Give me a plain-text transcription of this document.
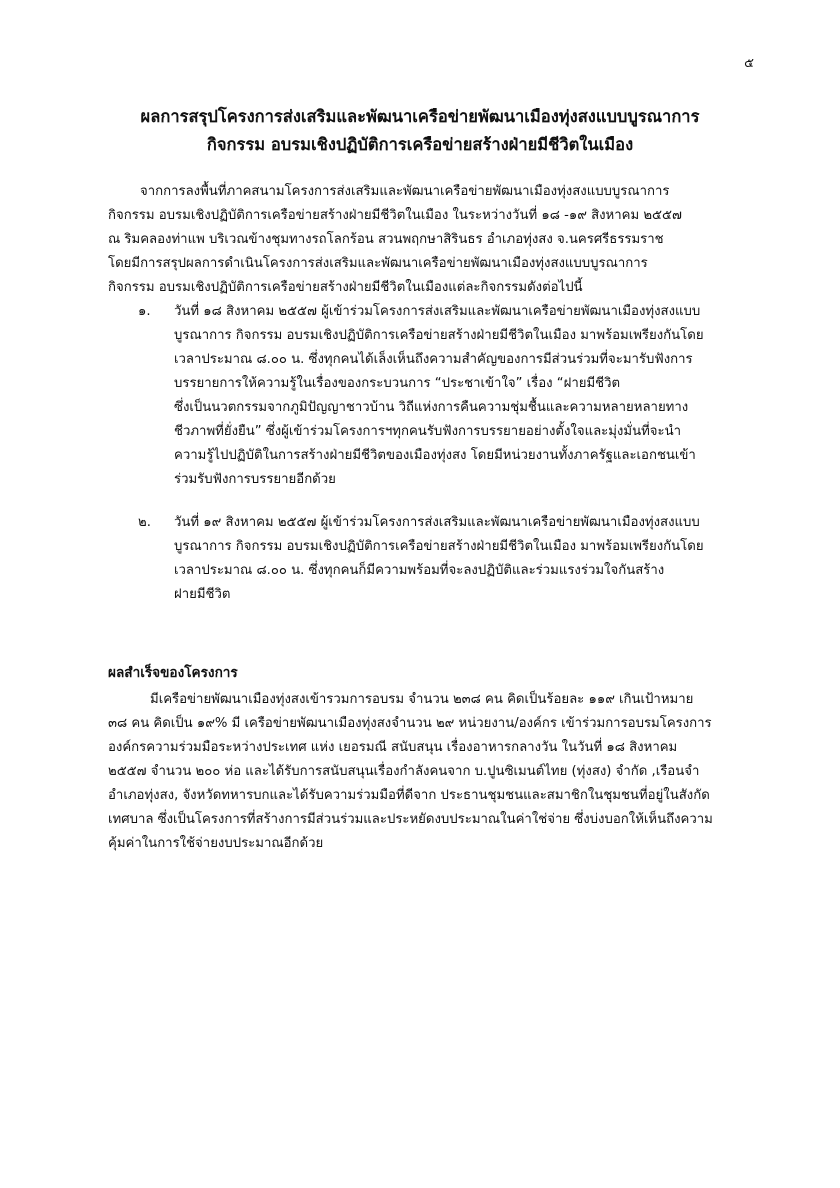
๕
ผลการสรุปโครงการส่งเสริมและพัฒนาเครือข่ายพัฒนาเมืองทุ่งสงแบบบูรณาการ
กิจกรรม อบรมเชิงปฏิบัติการเครือข่ายสร้างฝ่ายมีชีวิตในเมือง
จากการลงพื้นที่ภาคสนามโครงการส่งเสริมและพัฒนาเครือข่ายพัฒนาเมืองทุ่งสงแบบบูรณาการ
กิจกรรม อบรมเชิงปฏิบัติการเครือข่ายสร้างฝ่ายมีชีวิตในเมือง ในระหว่างวันที่ ๑๘ -๑๙ สิงหาคม ๒๕๕๗
ณ ริมคลองท่าแพ บริเวณข้างชุมทางรถโลกร้อน สวนพฤกษาสิรินธร อำเภอทุ่งสง จ.นครศรีธรรมราช
โดยมีการสรุปผลการดำเนินโครงการส่งเสริมและพัฒนาเครือข่ายพัฒนาเมืองทุ่งสงแบบบูรณาการ
กิจกรรม อบรมเชิงปฏิบัติการเครือข่ายสร้างฝ่ายมีชีวิตในเมืองแต่ละกิจกรรมดังต่อไปนี้
๑.	วันที่ ๑๘ สิงหาคม ๒๕๕๗ ผู้เข้าร่วมโครงการส่งเสริมและพัฒนาเครือข่ายพัฒนาเมืองทุ่งสงแบบ
บูรณาการ กิจกรรม อบรมเชิงปฏิบัติการเครือข่ายสร้างฝ่ายมีชีวิตในเมือง มาพร้อมเพรียงกันโดย
เวลาประมาณ ๘.๐๐ น. ซึ่งทุกคนได้เล็งเห็นถึงความสำคัญของการมีส่วนร่วมที่จะมารับฟังการ
บรรยายการให้ความรู้ในเรื่องของกระบวนการ “ประชาเข้าใจ” เรื่อง “ฝายมีชีวิต
ซึ่งเป็นนวตกรรมจากภูมิปัญญาชาวบ้าน วิถีแห่งการคืนความชุ่มชื้นและความหลายหลายทาง
ชีวภาพที่ยั่งยืน” ซึ่งผู้เข้าร่วมโครงการฯทุกคนรับฟังการบรรยายอย่างตั้งใจและมุ่งมั่นที่จะนำ
ความรู้ไปปฏิบัติในการสร้างฝ่ายมีชีวิตของเมืองทุ่งสง โดยมีหน่วยงานทั้งภาครัฐและเอกชนเข้า
ร่วมรับฟังการบรรยายอีกด้วย
๒.	วันที่ ๑๙ สิงหาคม ๒๕๕๗ ผู้เข้าร่วมโครงการส่งเสริมและพัฒนาเครือข่ายพัฒนาเมืองทุ่งสงแบบ
บูรณาการ กิจกรรม อบรมเชิงปฏิบัติการเครือข่ายสร้างฝ่ายมีชีวิตในเมือง มาพร้อมเพรียงกันโดย
เวลาประมาณ ๘.๐๐ น. ซึ่งทุกคนก็มีความพร้อมที่จะลงปฏิบัติและร่วมแรงร่วมใจกันสร้าง
ฝายมีชีวิต
ผลสำเร็จของโครงการ
มีเครือข่ายพัฒนาเมืองทุ่งสงเข้ารวมการอบรม จำนวน ๒๓๘ คน คิดเป็นร้อยละ ๑๑๙ เกินเป้าหมาย
๓๘ คน คิดเป็น ๑๙% มี เครือข่ายพัฒนาเมืองทุ่งสงจำนวน ๒๙ หน่วยงาน/องค์กร เข้าร่วมการอบรมโครงการ
องค์กรความร่วมมือระหว่างประเทศ แห่ง เยอรมณี สนับสนุน เรื่องอาหารกลางวัน ในวันที่ ๑๘ สิงหาคม
๒๕๕๗ จำนวน ๒๐๐ ห่อ และได้รับการสนับสนุนเรื่องกำลังคนจาก บ.ปูนซิเมนต์ไทย (ทุ่งสง) จำกัด ,เรือนจำ
อำเภอทุ่งสง, จังหวัดทหารบกและได้รับความร่วมมือที่ดีจาก ประธานชุมชนและสมาชิกในชุมชนที่อยู่ในสังกัด
เทศบาล ซึ่งเป็นโครงการที่สร้างการมีส่วนร่วมและประหยัดงบประมาณในค่าใช่จ่าย ซึ่งบ่งบอกให้เห็นถึงความ
คุ้มค่าในการใช้จ่ายงบประมาณอีกด้วย
